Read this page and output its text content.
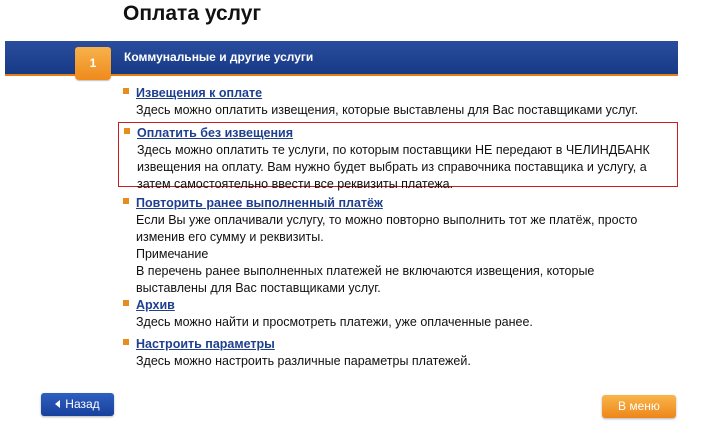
Оплата услуг
1	Коммунальные и другие услуги
Извещения к оплате
Здесь можно оплатить извещения, которые выставлены для Вас поставщиками услуг.
Оплатить без извещения
Здесь можно оплатить те услуги, по которым поставщики НЕ передают в ЧЕЛИНДБАНК
извещения на оплату. Вам нужно будет выбрать из справочника поставщика и услугу, а
затем самостоятельно ввести все реквизиты платежа.
Повторить ранее выполненный платёж
Если Вы уже оплачивали услугу, то можно повторно выполнить тот же платёж, просто
изменив его сумму и реквизиты.
Примечание
В перечень ранее выполненных платежей не включаются извещения, которые
выставлены для Вас поставщиками услуг.
Архив
Здесь можно найти и просмотреть платежи, уже оплаченные ранее.
Настроить параметры
Здесь можно настроить различные параметры платежей.
Назад	В меню
